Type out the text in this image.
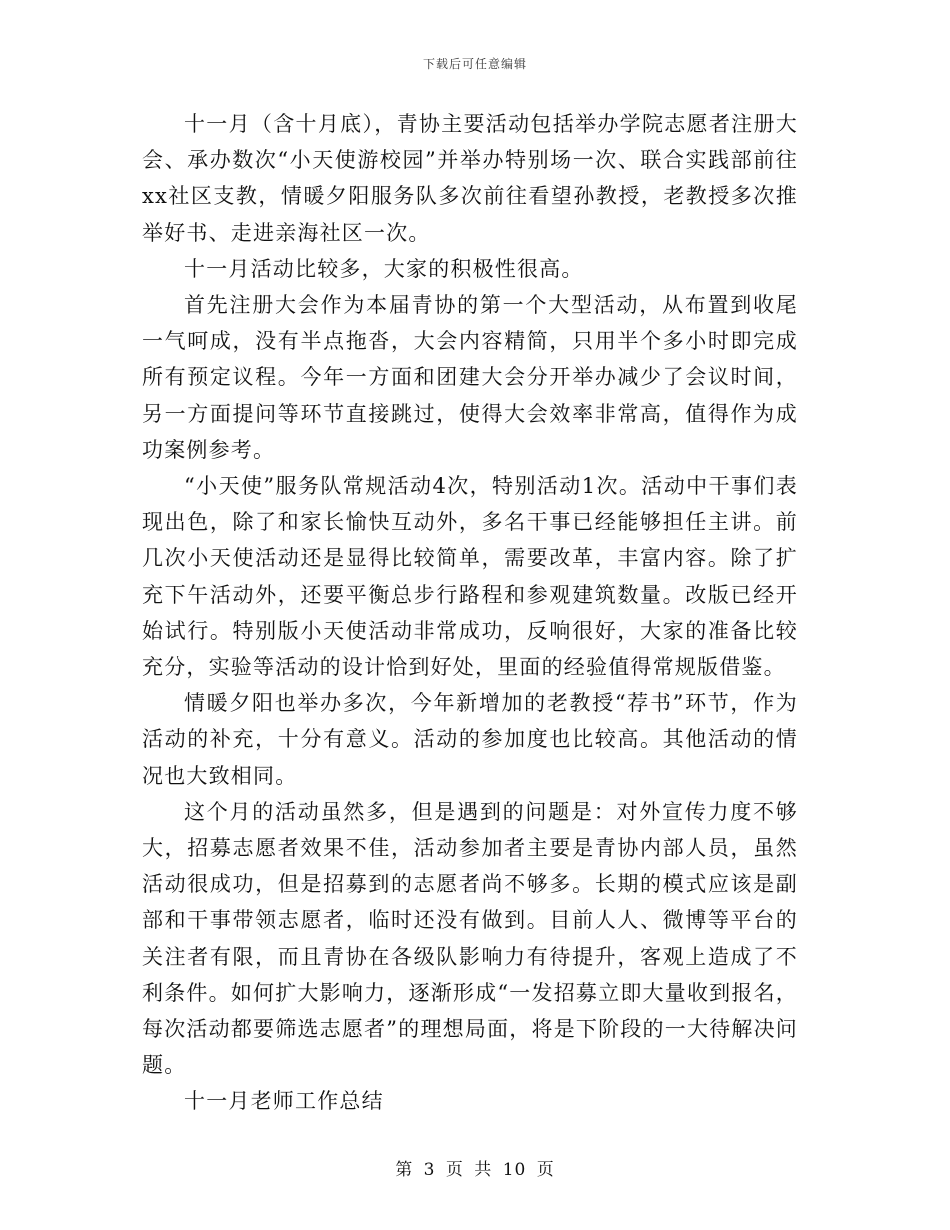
下载后可任意编辑

十一月（含十月底），青协主要活动包括举办学院志愿者注册大会、承办数次“小天使游校园”并举办特别场一次、联合实践部前往xx社区支教，情暖夕阳服务队多次前往看望孙教授，老教授多次推举好书、走进亲海社区一次。

十一月活动比较多，大家的积极性很高。

首先注册大会作为本届青协的第一个大型活动，从布置到收尾一气呵成，没有半点拖沓，大会内容精简，只用半个多小时即完成所有预定议程。今年一方面和团建大会分开举办减少了会议时间，另一方面提问等环节直接跳过，使得大会效率非常高，值得作为成功案例参考。

“小天使”服务队常规活动4次，特别活动1次。活动中干事们表现出色，除了和家长愉快互动外，多名干事已经能够担任主讲。前几次小天使活动还是显得比较简单，需要改革，丰富内容。除了扩充下午活动外，还要平衡总步行路程和参观建筑数量。改版已经开始试行。特别版小天使活动非常成功，反响很好，大家的准备比较充分，实验等活动的设计恰到好处，里面的经验值得常规版借鉴。

情暖夕阳也举办多次，今年新增加的老教授“荐书”环节，作为活动的补充，十分有意义。活动的参加度也比较高。其他活动的情况也大致相同。

这个月的活动虽然多，但是遇到的问题是：对外宣传力度不够大，招募志愿者效果不佳，活动参加者主要是青协内部人员，虽然活动很成功，但是招募到的志愿者尚不够多。长期的模式应该是副部和干事带领志愿者，临时还没有做到。目前人人、微博等平台的关注者有限，而且青协在各级队影响力有待提升，客观上造成了不利条件。如何扩大影响力，逐渐形成“一发招募立即大量收到报名，每次活动都要筛选志愿者”的理想局面，将是下阶段的一大待解决问题。

十一月老师工作总结

第 3 页 共 10 页
